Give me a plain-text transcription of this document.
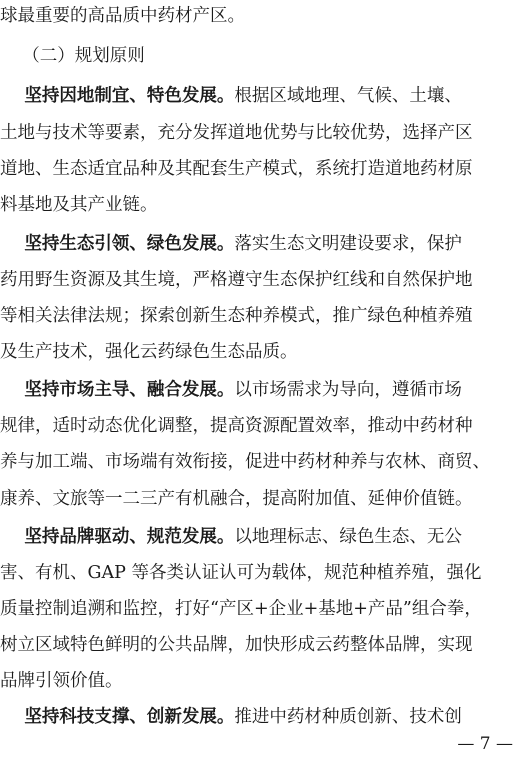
球最重要的高品质中药材产区。
（二）规划原则
坚持因地制宜、特色发展。根据区域地理、气候、土壤、
土地与技术等要素，充分发挥道地优势与比较优势，选择产区
道地、生态适宜品种及其配套生产模式，系统打造道地药材原
料基地及其产业链。
坚持生态引领、绿色发展。落实生态文明建设要求，保护
药用野生资源及其生境，严格遵守生态保护红线和自然保护地
等相关法律法规；探索创新生态种养模式，推广绿色种植养殖
及生产技术，强化云药绿色生态品质。
坚持市场主导、融合发展。以市场需求为导向，遵循市场
规律，适时动态优化调整，提高资源配置效率，推动中药材种
养与加工端、市场端有效衔接，促进中药材种养与农林、商贸、
康养、文旅等一二三产有机融合，提高附加值、延伸价值链。
坚持品牌驱动、规范发展。以地理标志、绿色生态、无公
害、有机、GAP 等各类认证认可为载体，规范种植养殖，强化
质量控制追溯和监控，打好“产区+企业+基地+产品”组合拳，
树立区域特色鲜明的公共品牌，加快形成云药整体品牌，实现
品牌引领价值。
坚持科技支撑、创新发展。推进中药材种质创新、技术创
— 7 —
